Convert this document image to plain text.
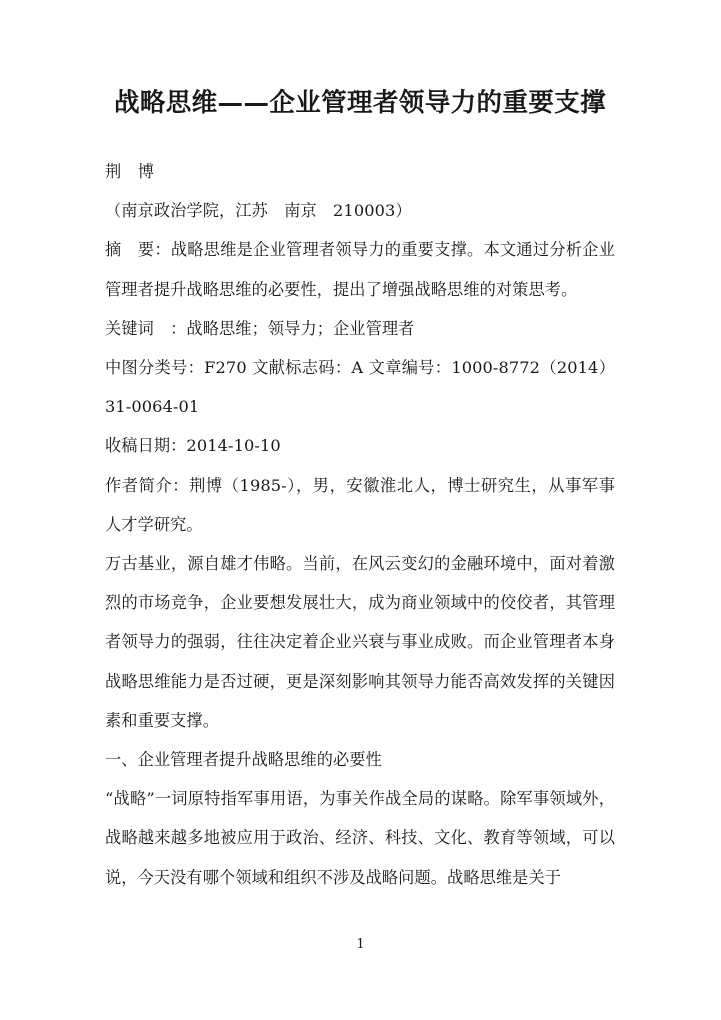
战略思维——企业管理者领导力的重要支撑

荆　博

（南京政治学院，江苏　南京　210003）

摘　要：战略思维是企业管理者领导力的重要支撑。本文通过分析企业管理者提升战略思维的必要性，提出了增强战略思维的对策思考。

关键词　：战略思维；领导力；企业管理者

中图分类号：F270 文献标志码：A 文章编号：1000-8772（2014）31-0064-01

收稿日期：2014-10-10

作者简介：荆博（1985-），男，安徽淮北人，博士研究生，从事军事人才学研究。

万古基业，源自雄才伟略。当前，在风云变幻的金融环境中，面对着激烈的市场竞争，企业要想发展壮大，成为商业领域中的佼佼者，其管理者领导力的强弱，往往决定着企业兴衰与事业成败。而企业管理者本身战略思维能力是否过硬，更是深刻影响其领导力能否高效发挥的关键因素和重要支撑。

一、企业管理者提升战略思维的必要性

“战略”一词原特指军事用语，为事关作战全局的谋略。除军事领域外，战略越来越多地被应用于政治、经济、科技、文化、教育等领域，可以说，今天没有哪个领域和组织不涉及战略问题。战略思维是关于

1
